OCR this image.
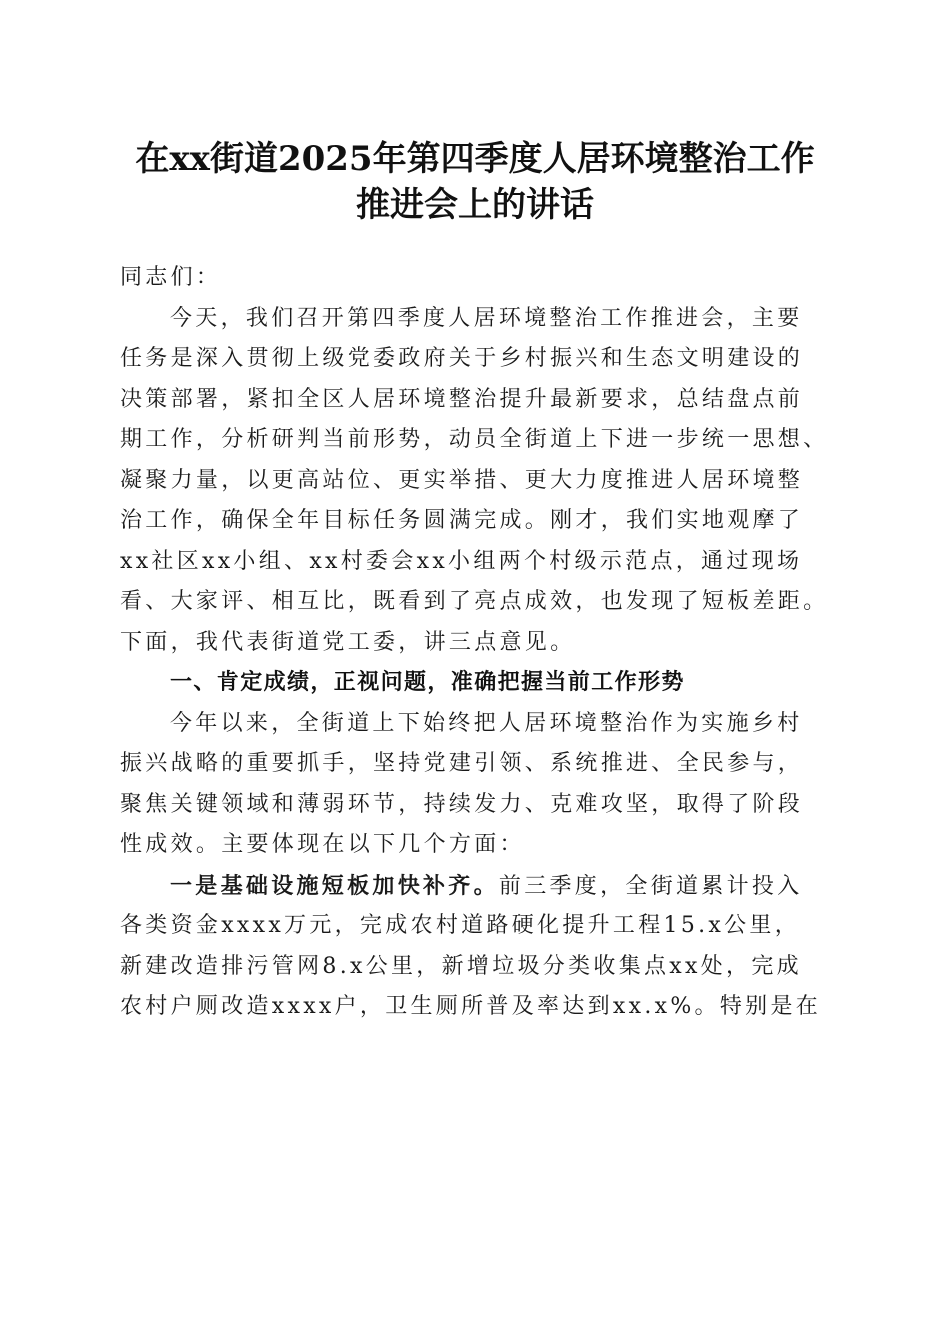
在xx街道2025年第四季度人居环境整治工作
推进会上的讲话
同志们：
今天，我们召开第四季度人居环境整治工作推进会，主要
任务是深入贯彻上级党委政府关于乡村振兴和生态文明建设的
决策部署，紧扣全区人居环境整治提升最新要求，总结盘点前
期工作，分析研判当前形势，动员全街道上下进一步统一思想、
凝聚力量，以更高站位、更实举措、更大力度推进人居环境整
治工作，确保全年目标任务圆满完成。刚才，我们实地观摩了
xx社区xx小组、xx村委会xx小组两个村级示范点，通过现场
看、大家评、相互比，既看到了亮点成效，也发现了短板差距。
下面，我代表街道党工委，讲三点意见。
一、肯定成绩，正视问题，准确把握当前工作形势
今年以来，全街道上下始终把人居环境整治作为实施乡村
振兴战略的重要抓手，坚持党建引领、系统推进、全民参与，
聚焦关键领域和薄弱环节，持续发力、克难攻坚，取得了阶段
性成效。主要体现在以下几个方面：
一是基础设施短板加快补齐。前三季度，全街道累计投入
各类资金xxxx万元，完成农村道路硬化提升工程15.x公里，
新建改造排污管网8.x公里，新增垃圾分类收集点xx处，完成
农村户厕改造xxxx户，卫生厕所普及率达到xx.x%。特别是在
